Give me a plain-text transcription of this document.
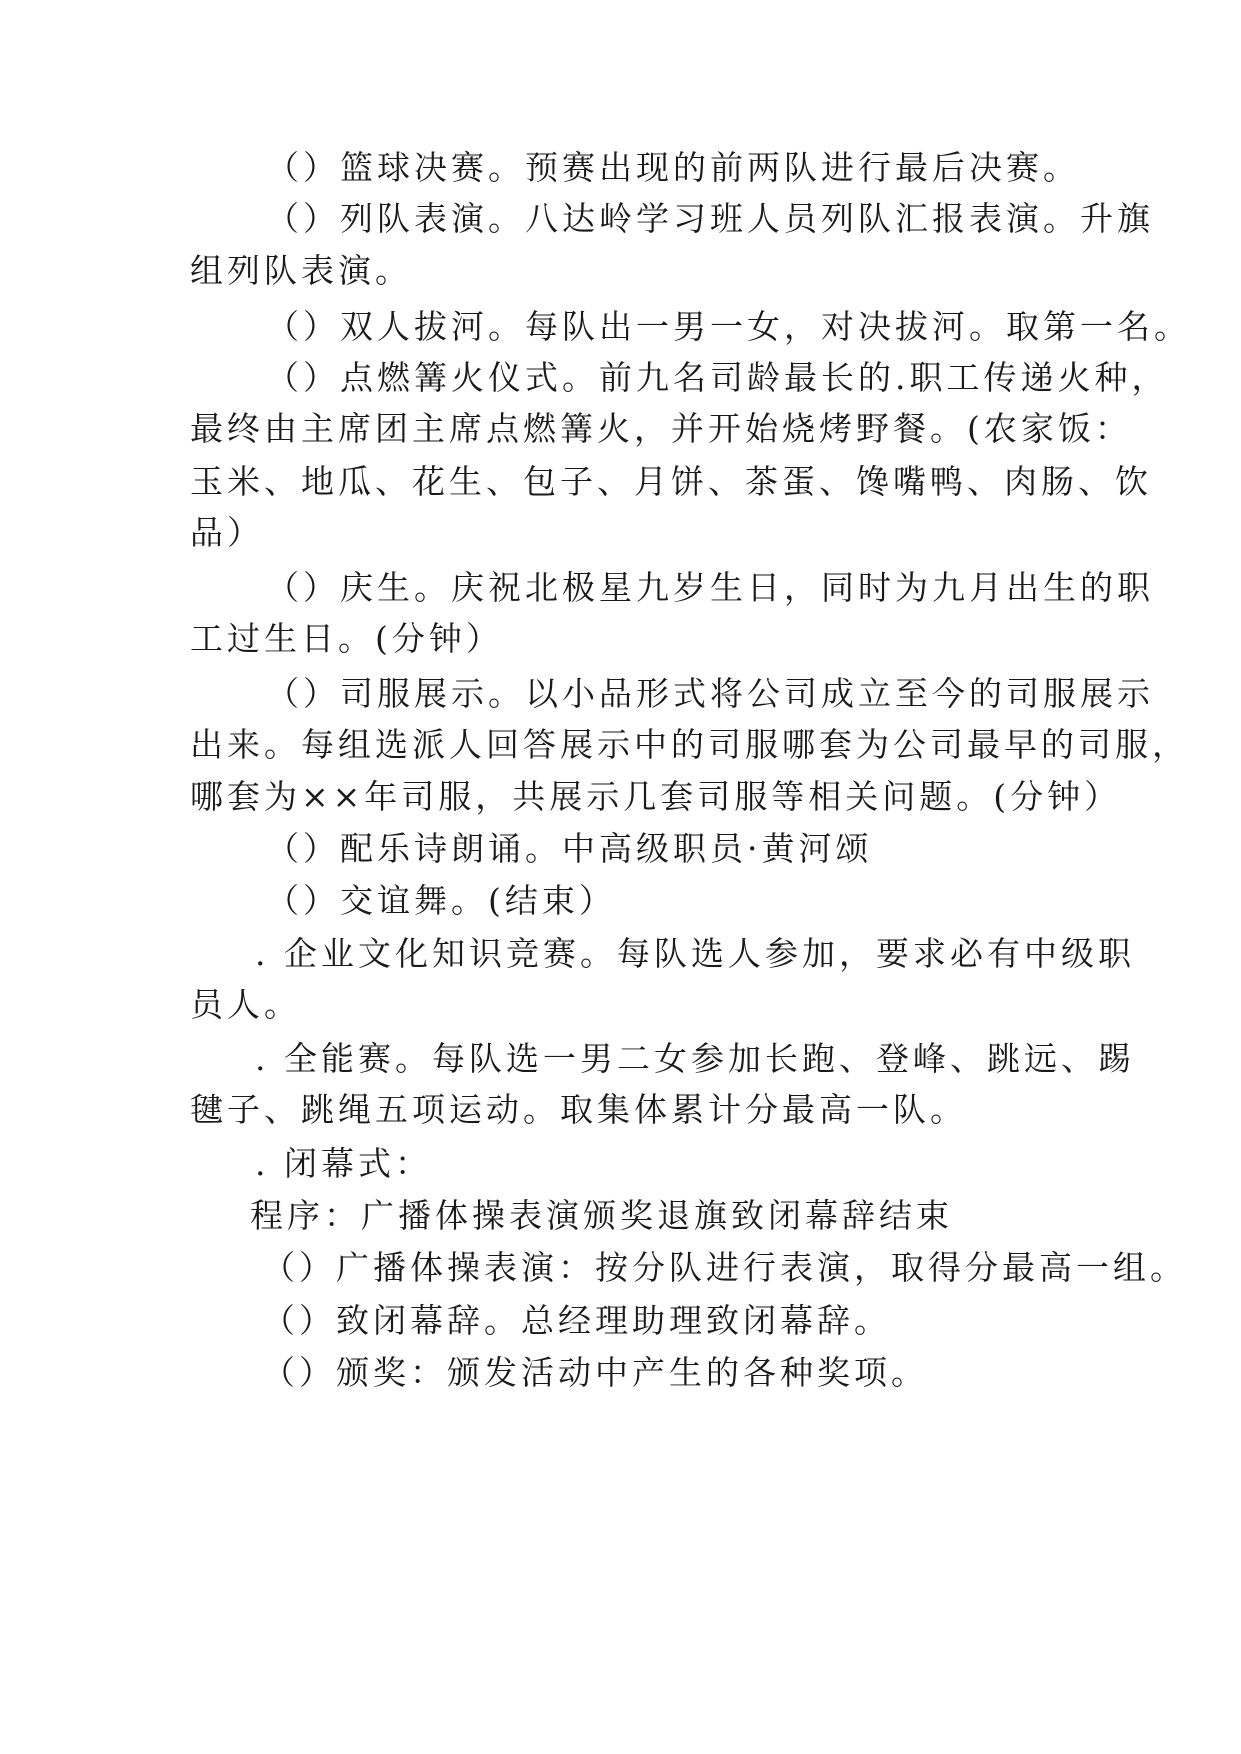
（）篮球决赛。预赛出现的前两队进行最后决赛。
（）列队表演。八达岭学习班人员列队汇报表演。升旗
组列队表演。
（）双人拔河。每队出一男一女，对决拔河。取第一名。
（）点燃篝火仪式。前九名司龄最长的.职工传递火种，
最终由主席团主席点燃篝火，并开始烧烤野餐。(农家饭：
玉米、地瓜、花生、包子、月饼、茶蛋、馋嘴鸭、肉肠、饮
品）
（）庆生。庆祝北极星九岁生日，同时为九月出生的职
工过生日。(分钟）
（）司服展示。以小品形式将公司成立至今的司服展示
出来。每组选派人回答展示中的司服哪套为公司最早的司服，
哪套为××年司服，共展示几套司服等相关问题。(分钟）
（）配乐诗朗诵。中高级职员·黄河颂
（）交谊舞。(结束）
. 企业文化知识竞赛。每队选人参加，要求必有中级职
员人。
. 全能赛。每队选一男二女参加长跑、登峰、跳远、踢
毽子、跳绳五项运动。取集体累计分最高一队。
. 闭幕式：
程序：广播体操表演颁奖退旗致闭幕辞结束
（）广播体操表演：按分队进行表演，取得分最高一组。
（）致闭幕辞。总经理助理致闭幕辞。
（）颁奖：颁发活动中产生的各种奖项。
